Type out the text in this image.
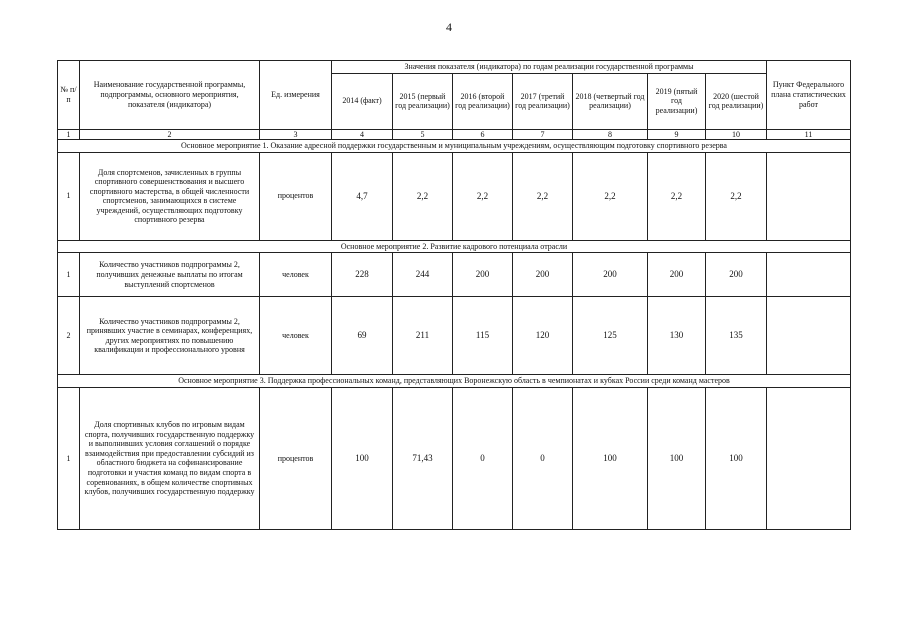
4
№ п/п	Наименование государственной программы, подпрограммы, основного мероприятия, показателя (индикатора)	Ед. измерения	Значения показателя (индикатора) по годам реализации государственной программы							Пункт Федерального плана статистических работ
			2014 (факт)	2015 (первый год реализации)	2016 (второй год реализации)	2017 (третий год реализации)	2018 (четвертый год реализации)	2019 (пятый год реализации)	2020 (шестой год реализации)	
1	2	3	4	5	6	7	8	9	10	11
Основное мероприятие 1. Оказание адресной поддержки государственным и муниципальным учреждениям, осуществляющим подготовку спортивного резерва										
1	Доля спортсменов, зачисленных в группы спортивного совершенствования и высшего спортивного мастерства, в общей численности спортсменов, занимающихся в системе учреждений, осуществляющих подготовку спортивного резерва	процентов	4,7	2,2	2,2	2,2	2,2	2,2	2,2	
Основное мероприятие 2. Развитие кадрового потенциала отрасли										
1	Количество участников подпрограммы 2, получивших денежные выплаты по итогам выступлений спортсменов	человек	228	244	200	200	200	200	200	
2	Количество участников подпрограммы 2, принявших участие в семинарах, конференциях, других мероприятиях по повышению квалификации и профессионального уровня	человек	69	211	115	120	125	130	135	
Основное мероприятие 3. Поддержка профессиональных команд, представляющих Воронежскую область в чемпионатах и кубках России среди команд мастеров										
1	Доля спортивных клубов по игровым видам спорта, получивших государственную поддержку и выполнивших условия соглашений о порядке взаимодействия при предоставлении субсидий из областного бюджета на софинансирование подготовки и участия команд по видам спорта в соревнованиях, в общем количестве спортивных клубов, получивших государственную поддержку	процентов	100	71,43	0	0	100	100	100	
